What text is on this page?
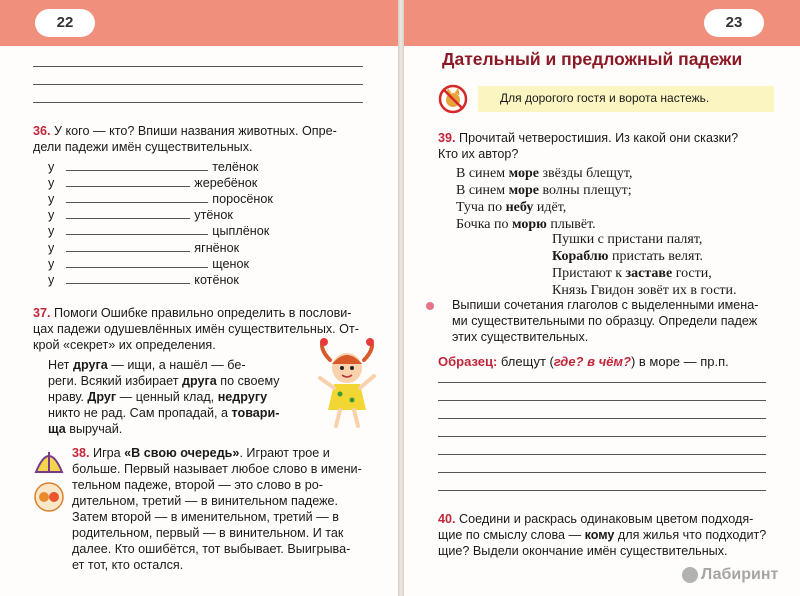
22
36. У кого — кто? Впиши названия животных. Опре-
дели падежи имён существительных.
у	телёнок
у	жеребёнок
у	поросёнок
у	утёнок
у	цыплёнок
у	ягнёнок
у	щенок
у	котёнок
37. Помоги Ошибке правильно определить в послови-
цах падежи одушевлённых имён существительных. От-
крой «секрет» их определения.
Нет друга — ищи, а нашёл — бе-
реги. Всякий избирает друга по своему
нраву. Друг — ценный клад, недругу
никто не рад. Сам пропадай, а товари-
ща выручай.
38. Игра «В свою очередь». Играют трое и
больше. Первый называет любое слово в имени-
тельном падеже, второй — это слово в ро-
дительном, третий — в винительном падеже.
Затем второй — в именительном, третий — в
родительном, первый — в винительном. И так
далее. Кто ошибётся, тот выбывает. Выигрыва-
ет тот, кто остался.
23
Дательный и предложный падежи
Для дорогого гостя и ворота настежь.
39. Прочитай четверостишия. Из какой они сказки?
Кто их автор?
В синем море звёзды блещут,
В синем море волны плещут;
Туча по небу идёт,
Бочка по морю плывёт.
Пушки с пристани палят,
Кораблю пристать велят.
Пристают к заставе гости,
Князь Гвидон зовёт их в гости.
Выпиши сочетания глаголов с выделенными имена-
ми существительными по образцу. Определи падеж
этих существительных.
Образец: блещут (где? в чём?) в море — пр.п.
40. Соедини и раскрась одинаковым цветом подходя-
щие по смыслу слова — кому для жилья что подходит?
щие? Выдели окончание имён существительных.
Лабиринт
